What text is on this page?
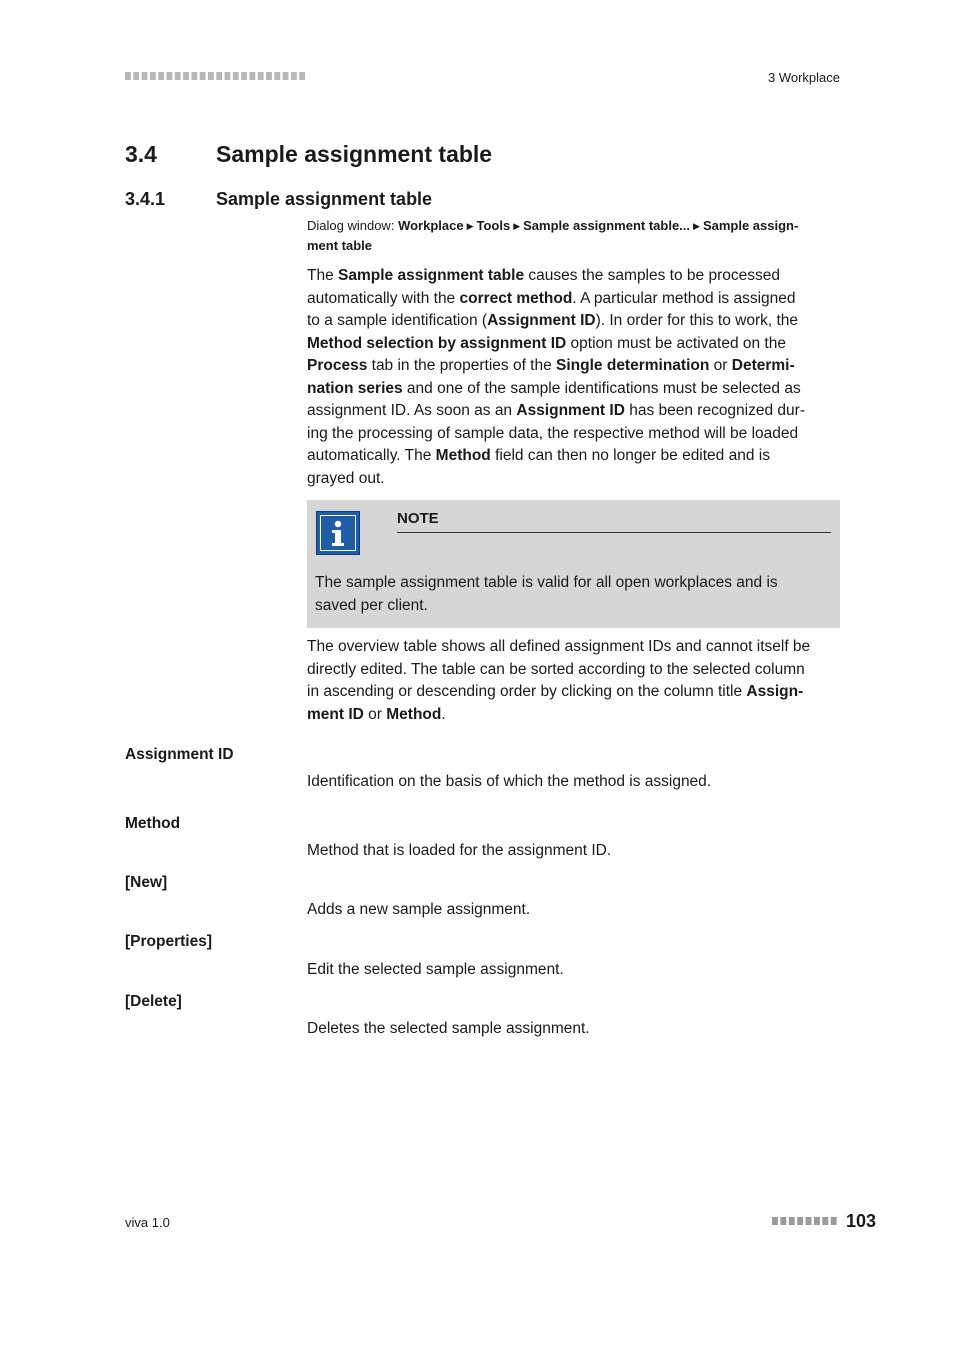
3 Workplace
3.4	Sample assignment table
3.4.1	Sample assignment table
Dialog window: Workplace ▶ Tools ▶ Sample assignment table... ▶ Sample assign-
ment table
The Sample assignment table causes the samples to be processed
automatically with the correct method. A particular method is assigned
to a sample identification (Assignment ID). In order for this to work, the
Method selection by assignment ID option must be activated on the
Process tab in the properties of the Single determination or Determi-
nation series and one of the sample identifications must be selected as
assignment ID. As soon as an Assignment ID has been recognized dur-
ing the processing of sample data, the respective method will be loaded
automatically. The Method field can then no longer be edited and is
grayed out.
NOTE
The sample assignment table is valid for all open workplaces and is
saved per client.
The overview table shows all defined assignment IDs and cannot itself be
directly edited. The table can be sorted according to the selected column
in ascending or descending order by clicking on the column title Assign-
ment ID or Method.
Assignment ID
Identification on the basis of which the method is assigned.
Method
Method that is loaded for the assignment ID.
[New]
Adds a new sample assignment.
[Properties]
Edit the selected sample assignment.
[Delete]
Deletes the selected sample assignment.
viva 1.0	103
